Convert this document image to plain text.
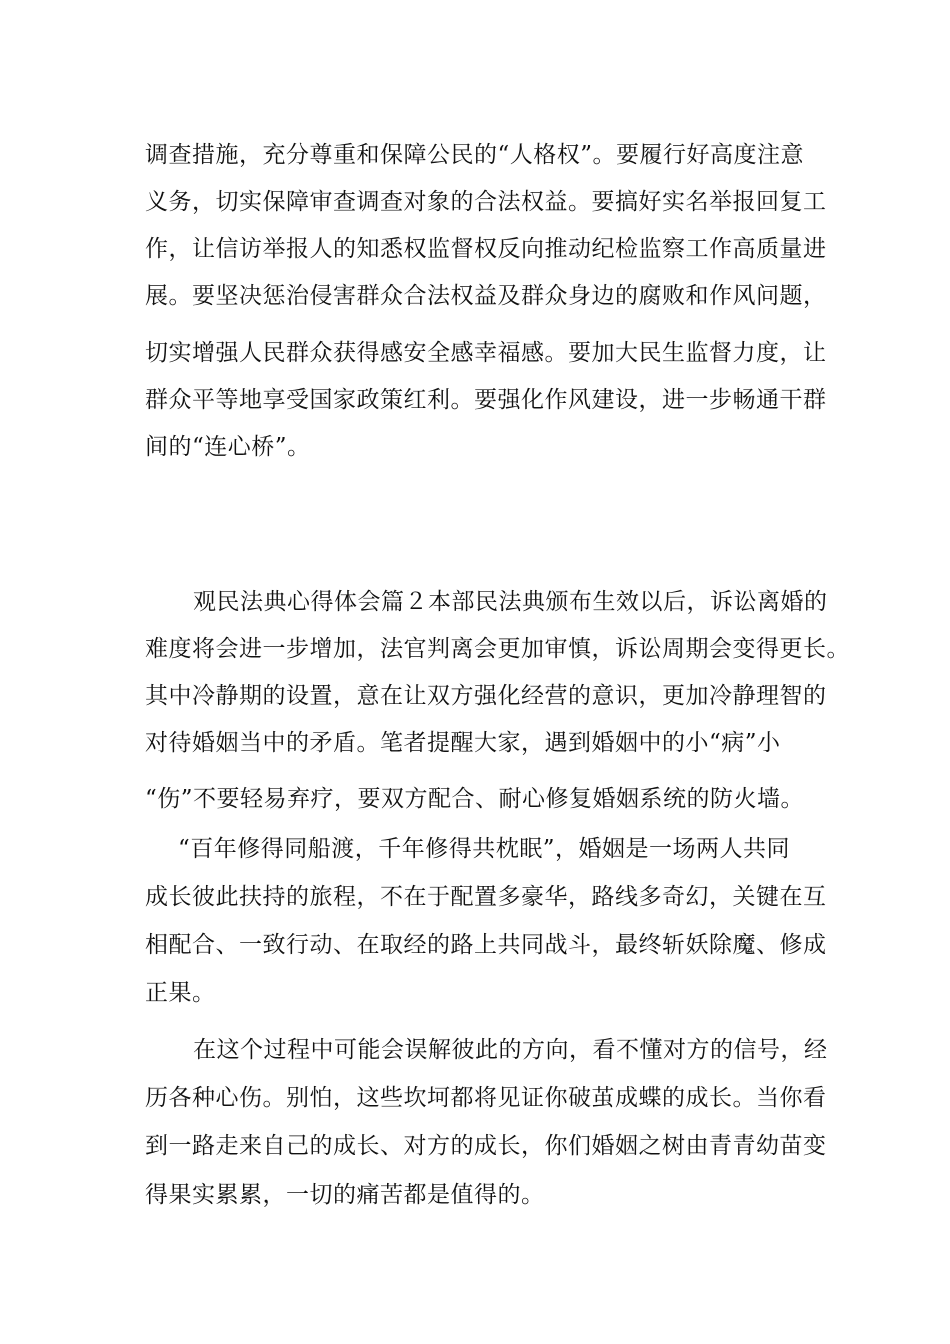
调查措施，充分尊重和保障公民的“人格权”。要履行好高度注意
义务，切实保障审查调查对象的合法权益。要搞好实名举报回复工
作，让信访举报人的知悉权监督权反向推动纪检监察工作高质量进
展。要坚决惩治侵害群众合法权益及群众身边的腐败和作风问题，
切实增强人民群众获得感安全感幸福感。要加大民生监督力度，让
群众平等地享受国家政策红利。要强化作风建设，进一步畅通干群
间的“连心桥”。
观民法典心得体会篇２本部民法典颁布生效以后，诉讼离婚的
难度将会进一步增加，法官判离会更加审慎，诉讼周期会变得更长。
其中冷静期的设置，意在让双方强化经营的意识，更加冷静理智的
对待婚姻当中的矛盾。笔者提醒大家，遇到婚姻中的小“病”小
“伤”不要轻易弃疗，要双方配合、耐心修复婚姻系统的防火墙。
“百年修得同船渡，千年修得共枕眠”，婚姻是一场两人共同
成长彼此扶持的旅程，不在于配置多豪华，路线多奇幻，关键在互
相配合、一致行动、在取经的路上共同战斗，最终斩妖除魔、修成
正果。
在这个过程中可能会误解彼此的方向，看不懂对方的信号，经
历各种心伤。别怕，这些坎坷都将见证你破茧成蝶的成长。当你看
到一路走来自己的成长、对方的成长，你们婚姻之树由青青幼苗变
得果实累累，一切的痛苦都是值得的。
